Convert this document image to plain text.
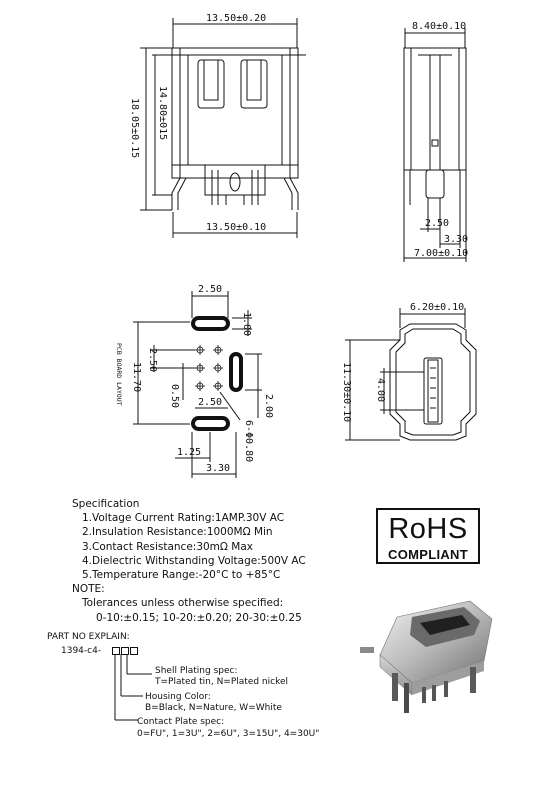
13.50±0.20
14.80±015
18.05±0.15
13.50±0.10
8.40±0.10
2.50
3.30
7.00±0.10
2.50
1.00
2.50
11.70
0.50 2.50	2.00
6-Φ0.80
1.25
3.30
6.20±0.10
4.00
11.30±0.10
PCB BOARD LAYOUT
Specification
1.Voltage Current Rating:1AMP.30V AC
2.Insulation Resistance:1000MΩ Min
3.Contact Resistance:30mΩ Max
4.Dielectric Withstanding Voltage:500V AC
5.Temperature Range:-20°C to +85°C
NOTE:
Tolerances unless otherwise specified:
0-10:±0.15; 10-20:±0.20; 20-30:±0.25
PART NO EXPLAIN:
1394-c4-
Shell Plating spec:
T=Plated tin, N=Plated nickel
Housing Color:
B=Black, N=Nature, W=White
Contact Plate spec:
0=FU", 1=3U", 2=6U", 3=15U", 4=30U"
RoHS
COMPLIANT
